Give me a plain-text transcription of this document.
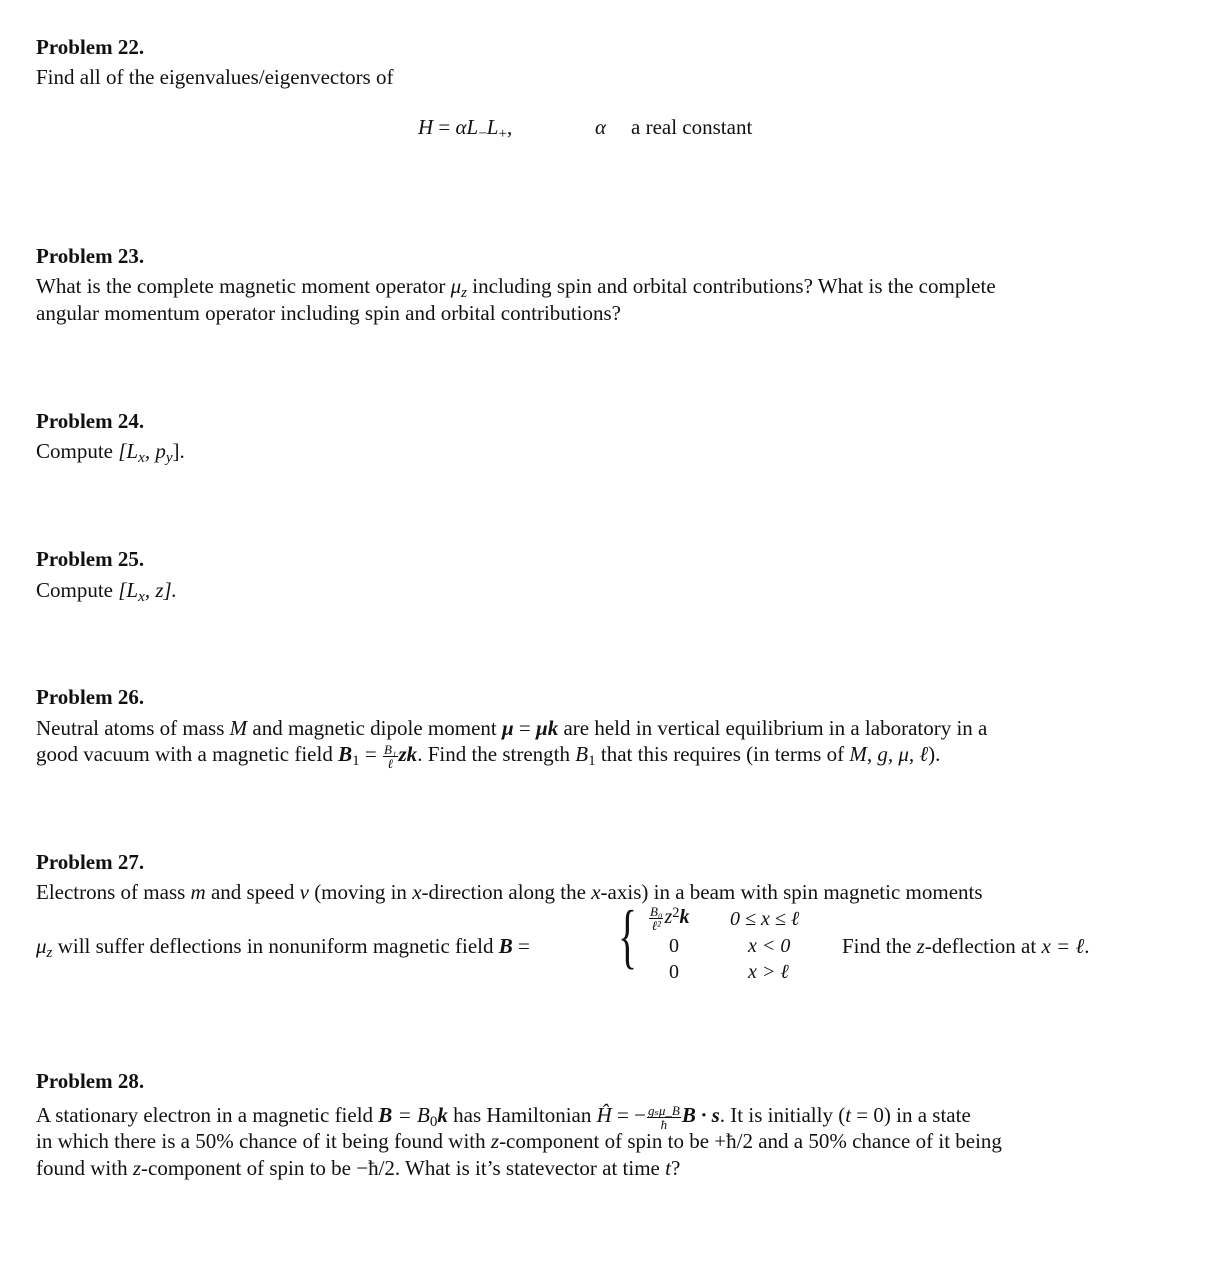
Problem 22.
Find all of the eigenvalues/eigenvectors of
$H = \alpha L_-L_+$,	α a real constant
Problem 23.
What is the complete magnetic moment operator $\mu_z$ including spin and orbital contributions? What is the complete
angular momentum operator including spin and orbital contributions?
Problem 24.
Compute [$L_x$, $p_y$].
Problem 25.
Compute [$L_x$, z].
Problem 26.
Neutral atoms of mass M and magnetic dipole moment μ = μk are held in vertical equilibrium in a laboratory in a
good vacuum with a magnetic field $B_1 = \frac{\text{B₁}}{\text{ℓ}}$ zk. Find the strength $B_1$ that this requires (in terms of M, g, μ, ℓ).
Problem 27.
Electrons of mass m and speed v (moving in x-direction along the x-axis) in a beam with spin magnetic moments
$\mu_z$ will suffer deflections in nonuniform magnetic field B = { $\frac{\text{B₀}}{\text{ℓ²}} z^2k$ 0 ≤ x ≤ ℓ
0	x < 0
0	x > ℓ
Find the z-deflection at x = ℓ.
Problem 28.
A stationary electron in a magnetic field $B = B_0k$ has Hamiltonian Ĥ = − $\frac{\text{gₛμ\_B}}{ħ}$ B · s. It is initially (t = 0) in a state
in which there is a 50% chance of it being found with z-component of spin to be +ħ/2 and a 50% chance of it being
found with z-component of spin to be −ħ/2. What is it’s statevector at time t?
